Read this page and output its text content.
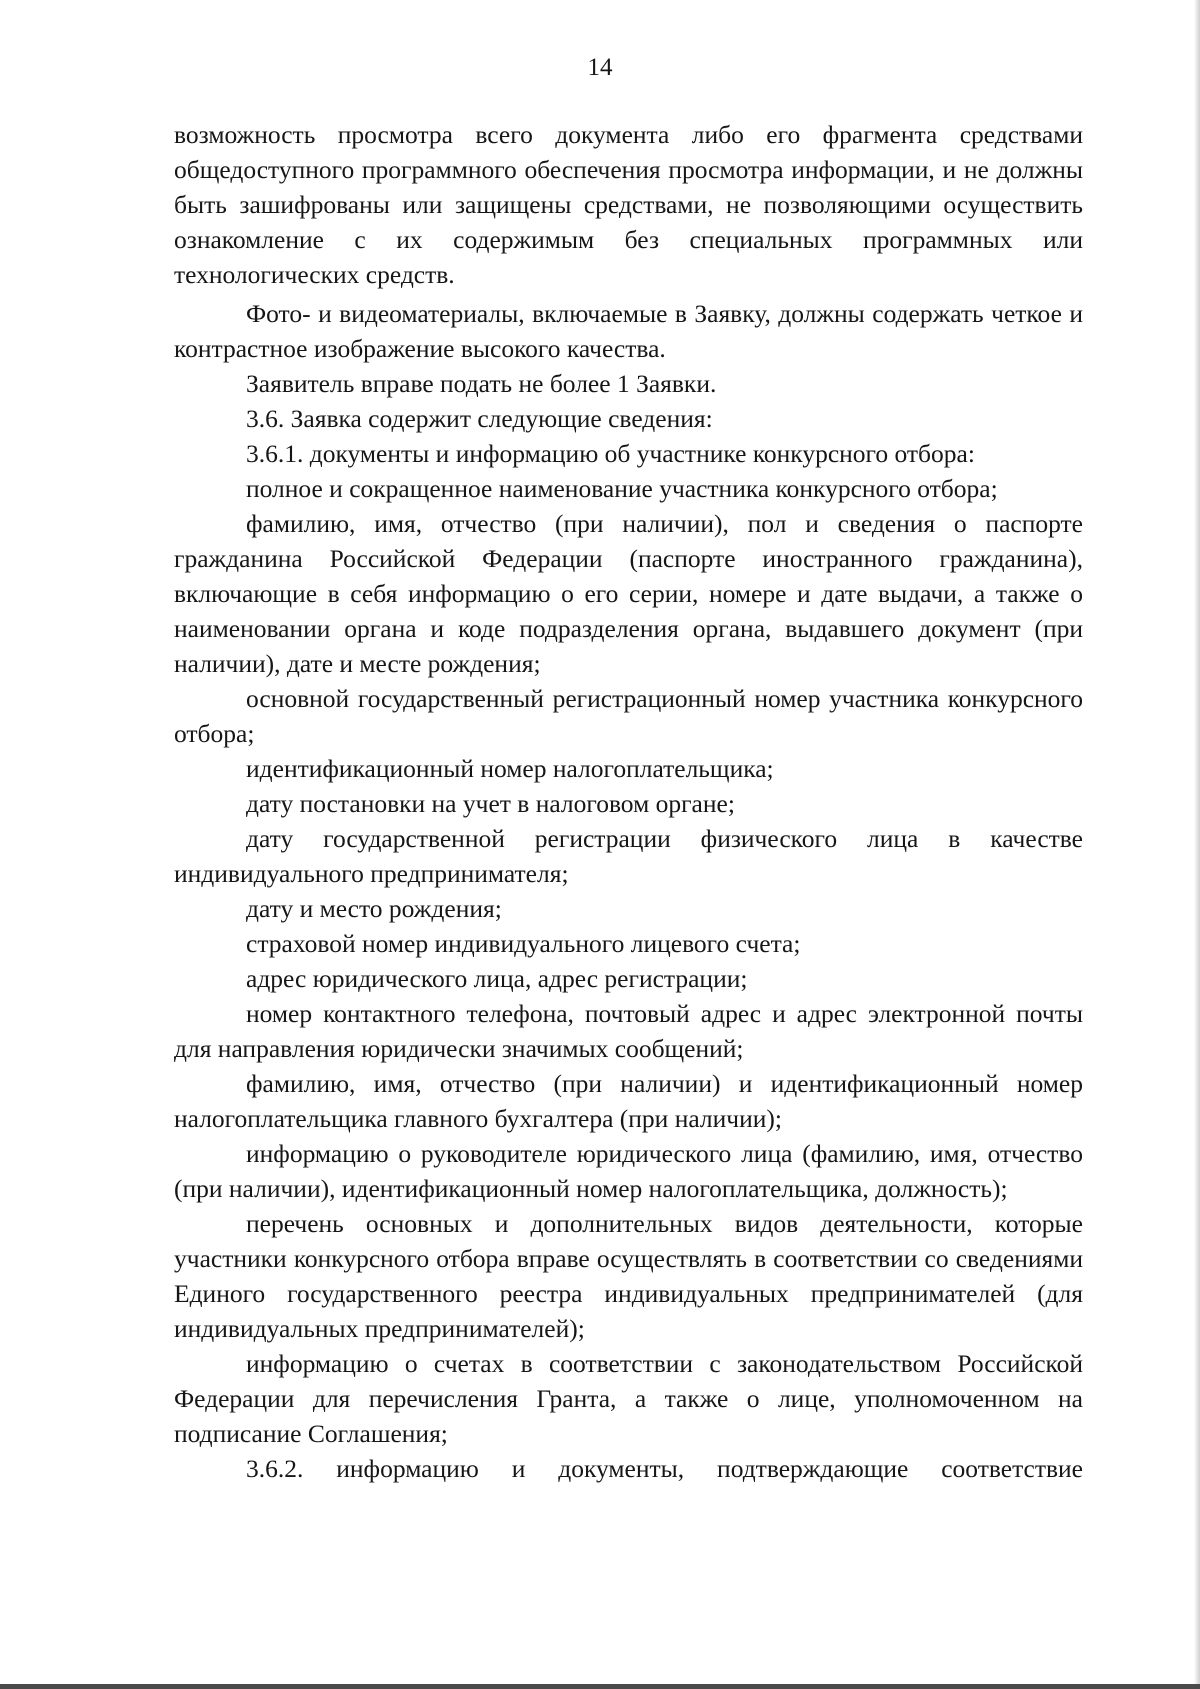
14

возможность просмотра всего документа либо его фрагмента средствами общедоступного программного обеспечения просмотра информации, и не должны быть зашифрованы или защищены средствами, не позволяющими осуществить ознакомление с их содержимым без специальных программных или технологических средств.

Фото- и видеоматериалы, включаемые в Заявку, должны содержать четкое и контрастное изображение высокого качества.

Заявитель вправе подать не более 1 Заявки.

3.6. Заявка содержит следующие сведения:

3.6.1. документы и информацию об участнике конкурсного отбора:

полное и сокращенное наименование участника конкурсного отбора;

фамилию, имя, отчество (при наличии), пол и сведения о паспорте гражданина Российской Федерации (паспорте иностранного гражданина), включающие в себя информацию о его серии, номере и дате выдачи, а также о наименовании органа и коде подразделения органа, выдавшего документ (при наличии), дате и месте рождения;

основной государственный регистрационный номер участника конкурсного отбора;

идентификационный номер налогоплательщика;

дату постановки на учет в налоговом органе;

дату государственной регистрации физического лица в качестве индивидуального предпринимателя;

дату и место рождения;

страховой номер индивидуального лицевого счета;

адрес юридического лица, адрес регистрации;

номер контактного телефона, почтовый адрес и адрес электронной почты для направления юридически значимых сообщений;

фамилию, имя, отчество (при наличии) и идентификационный номер налогоплательщика главного бухгалтера (при наличии);

информацию о руководителе юридического лица (фамилию, имя, отчество (при наличии), идентификационный номер налогоплательщика, должность);

перечень основных и дополнительных видов деятельности, которые участники конкурсного отбора вправе осуществлять в соответствии со сведениями Единого государственного реестра индивидуальных предпринимателей (для индивидуальных предпринимателей);

информацию о счетах в соответствии с законодательством Российской Федерации для перечисления Гранта, а также о лице, уполномоченном на подписание Соглашения;

3.6.2. информацию и документы, подтверждающие соответствие
